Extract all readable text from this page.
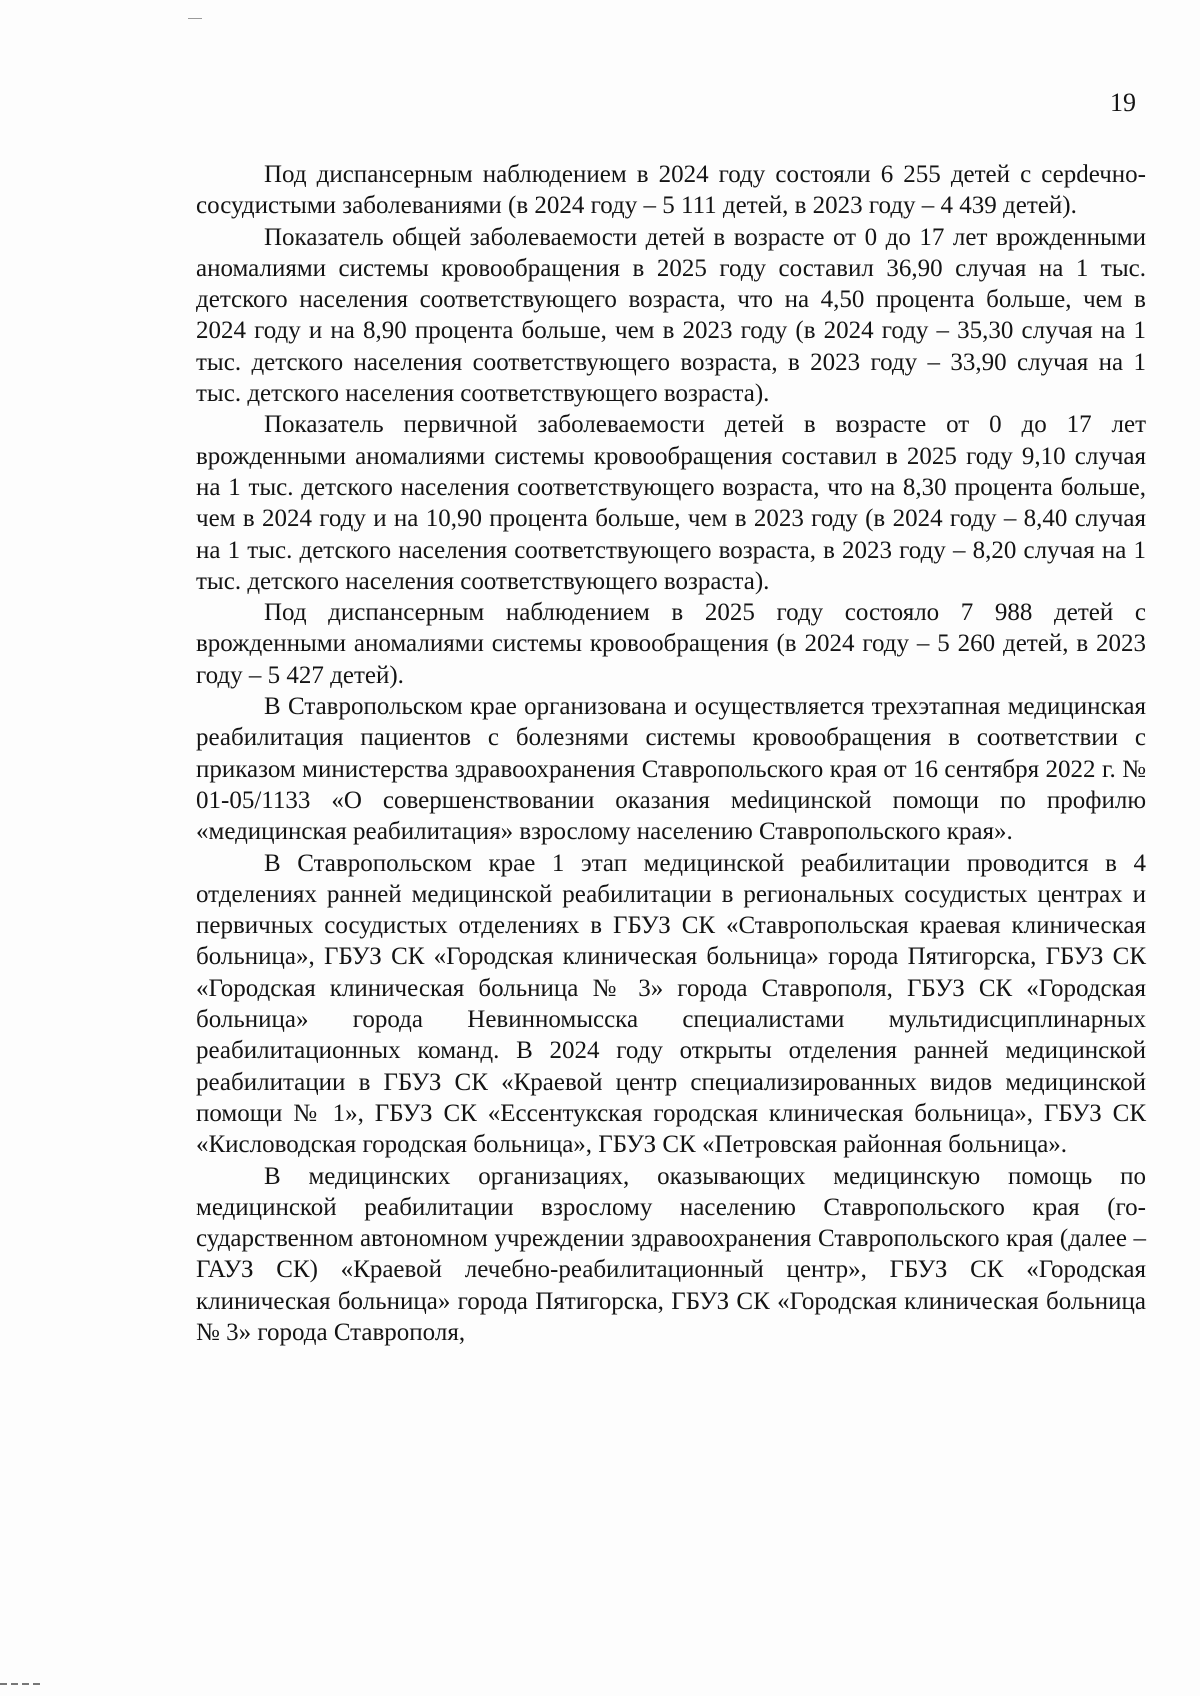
19

Под диспансерным наблюдением в 2024 году состояли 6 255 детей с серdечно-сосудистыми заболеваниями (в 2024 году – 5 111 детей, в 2023 году – 4 439 детей).

Показатель общей заболеваемости детей в возрасте от 0 до 17 лет врожденными аномалиями системы кровообращения в 2025 году составил 36,90 случая на 1 тыс. детского населения соответствующего возраста, что на 4,50 процента больше, чем в 2024 году и на 8,90 процента больше, чем в 2023 году (в 2024 году – 35,30 случая на 1 тыс. детского населения соответствующего возраста, в 2023 году – 33,90 случая на 1 тыс. детского населения соответствующего возраста).

Показатель первичной заболеваемости детей в возрасте от 0 до 17 лет врожденными аномалиями системы кровообращения составил в 2025 году 9,10 случая на 1 тыс. детского населения соответствующего возраста, что на 8,30 процента больше, чем в 2024 году и на 10,90 процента больше, чем в 2023 году (в 2024 году – 8,40 случая на 1 тыс. детского населения соответствующего возраста, в 2023 году – 8,20 случая на 1 тыс. детского населения соответствующего возраста).

Под диспансерным наблюдением в 2025 году состояло 7 988 детей с врожденными аномалиями системы кровообращения (в 2024 году – 5 260 детей, в 2023 году – 5 427 детей).

В Ставропольском крае организована и осуществляется трехэтапная медицинская реабилитация пациентов с болезнями системы кровообращения в соответствии с приказом министерства здравоохранения Ставропольского края от 16 сентября 2022 г. № 01-05/1133 «О совершенствовании оказания меdицинской помощи по профилю «медицинская реабилитация» взрослому населению Ставропольского края».

В Ставропольском крае 1 этап медицинской реабилитации проводится в 4 отделениях ранней медицинской реабилитации в региональных сосудистых центрах и первичных сосудистых отделениях в ГБУЗ СК «Ставропольская краевая клиническая больница», ГБУЗ СК «Городская клиническая больница» города Пятигорска, ГБУЗ СК «Городская клиническая больница № 3» города Ставрополя, ГБУЗ СК «Городская больница» города Невинномысска специалистами мультидисциплинарных реабилитационных команд. В 2024 году открыты отделения ранней медицинской реабилитации в ГБУЗ СК «Краевой центр специализированных видов медицинской помощи № 1», ГБУЗ СК «Ессентукская городская клиническая больница», ГБУЗ СК «Кисловодская городская больница», ГБУЗ СК «Петровская районная больница».

В медицинских организациях, оказывающих медицинскую помощь по медицинской реабилитации взрослому населению Ставропольского края (государственном автономном учреждении здравоохранения Ставропольского края (далее – ГАУЗ СК) «Краевой лечебно-реабилитационный центр», ГБУЗ СК «Городская клиническая больница» города Пятигорска, ГБУЗ СК «Городская клиническая больница № 3» города Ставрополя,
